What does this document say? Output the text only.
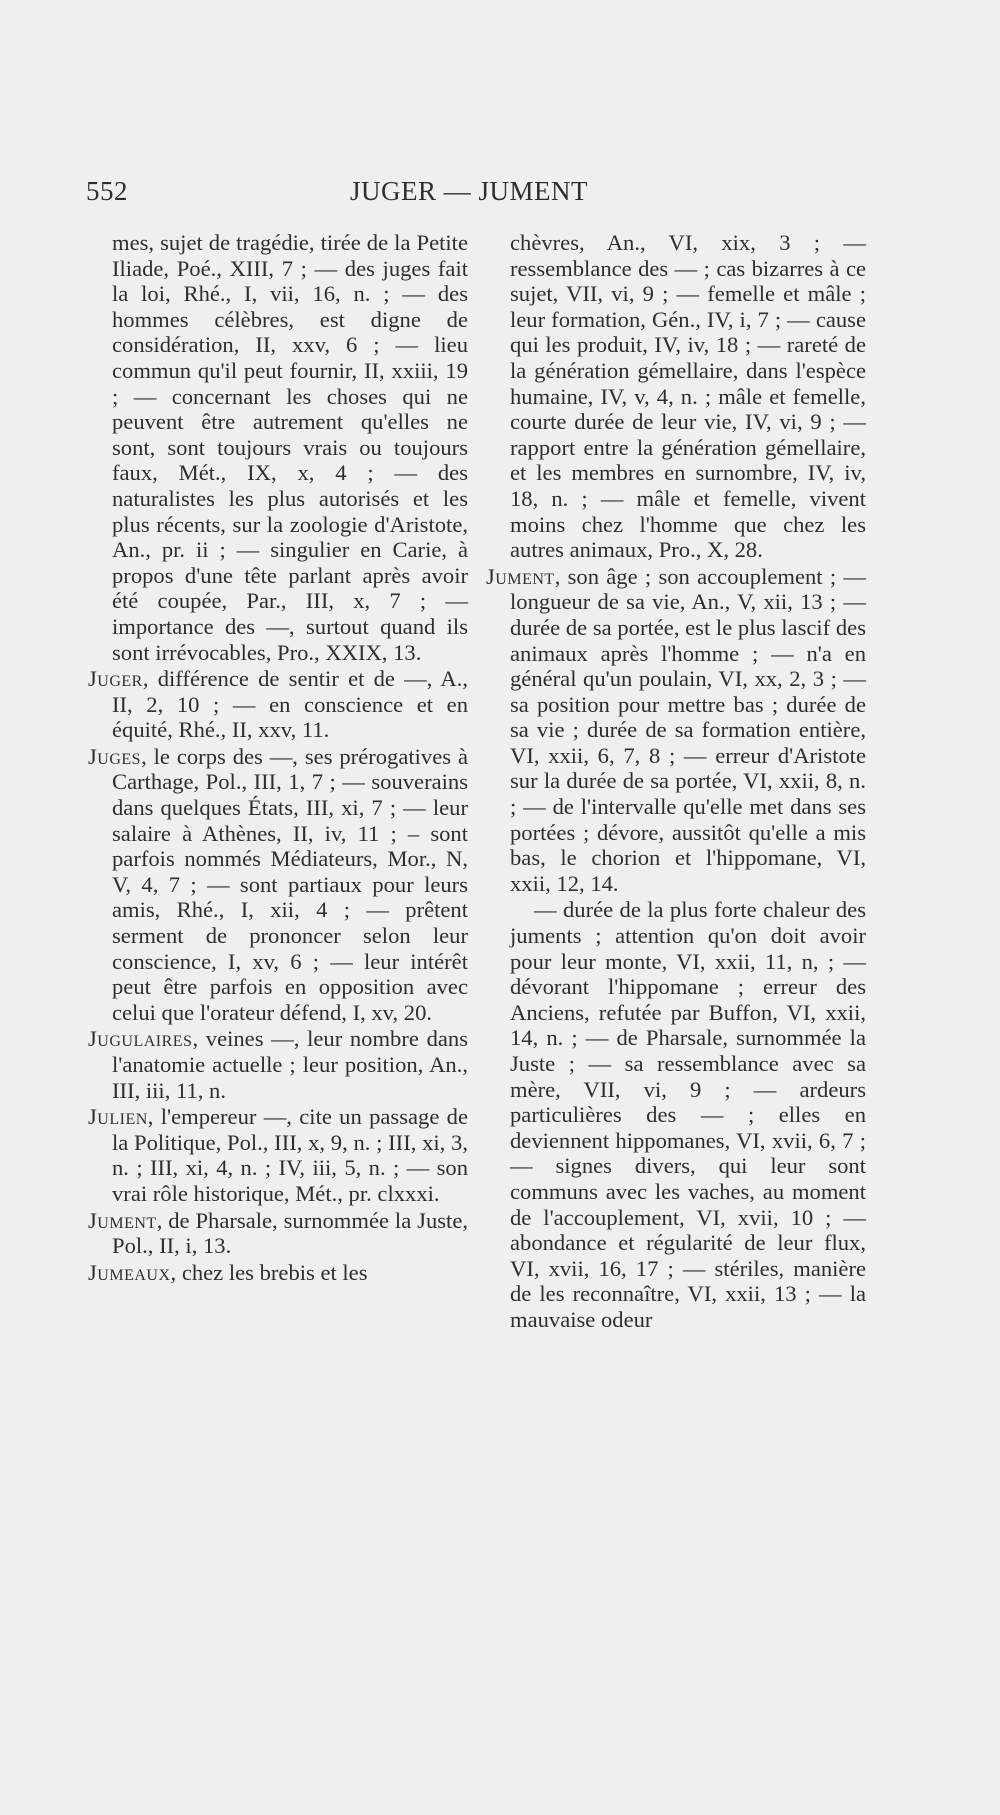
552	JUGER — JUMENT

mes, sujet de tragédie, tirée de la Petite Iliade, Poé., XIII, 7 ; — des juges fait la loi, Rhé., I, vii, 16, n. ; — des hommes célèbres, est digne de considération, II, xxv, 6 ; — lieu commun qu'il peut fournir, II, xxiii, 19 ; — concernant les choses qui ne peuvent être autrement qu'elles ne sont, sont toujours vrais ou toujours faux, Mét., IX, x, 4 ; — des naturalistes les plus autorisés et les plus récents, sur la zoologie d'Aristote, An., pr. ii ; — singulier en Carie, à propos d'une tête parlant après avoir été coupée, Par., III, x, 7 ; — importance des —, surtout quand ils sont irrévocables, Pro., XXIX, 13.

Juger, différence de sentir et de —, A., II, 2, 10 ; — en conscience et en équité, Rhé., II, xxv, 11.

Juges, le corps des —, ses prérogatives à Carthage, Pol., III, 1, 7 ; — souverains dans quelques États, III, xi, 7 ; — leur salaire à Athènes, II, iv, 11 ; – sont parfois nommés Médiateurs, Mor., N, V, 4, 7 ; — sont partiaux pour leurs amis, Rhé., I, xii, 4 ; — prêtent serment de prononcer selon leur conscience, I, xv, 6 ; — leur intérêt peut être parfois en opposition avec celui que l'orateur défend, I, xv, 20.

Jugulaires, veines —, leur nombre dans l'anatomie actuelle ; leur position, An., III, iii, 11, n.

Julien, l'empereur —, cite un passage de la Politique, Pol., III, x, 9, n. ; III, xi, 3, n. ; III, xi, 4, n. ; IV, iii, 5, n. ; — son vrai rôle historique, Mét., pr. clxxxi.

Jument, de Pharsale, surnommée la Juste, Pol., II, i, 13.

Jumeaux, chez les brebis et les

chèvres, An., VI, xix, 3 ; — ressemblance des — ; cas bizarres à ce sujet, VII, vi, 9 ; — femelle et mâle ; leur formation, Gén., IV, i, 7 ; — cause qui les produit, IV, iv, 18 ; — rareté de la génération gémellaire, dans l'espèce humaine, IV, v, 4, n. ; mâle et femelle, courte durée de leur vie, IV, vi, 9 ; — rapport entre la génération gémellaire, et les membres en surnombre, IV, iv, 18, n. ; — mâle et femelle, vivent moins chez l'homme que chez les autres animaux, Pro., X, 28.

Jument, son âge ; son accouplement ; — longueur de sa vie, An., V, xii, 13 ; — durée de sa portée, est le plus lascif des animaux après l'homme ; — n'a en général qu'un poulain, VI, xx, 2, 3 ; — sa position pour mettre bas ; durée de sa vie ; durée de sa formation entière, VI, xxii, 6, 7, 8 ; — erreur d'Aristote sur la durée de sa portée, VI, xxii, 8, n. ; — de l'intervalle qu'elle met dans ses portées ; dévore, aussitôt qu'elle a mis bas, le chorion et l'hippomane, VI, xxii, 12, 14.

— durée de la plus forte chaleur des juments ; attention qu'on doit avoir pour leur monte, VI, xxii, 11, n, ; — dévorant l'hippomane ; erreur des Anciens, refutée par Buffon, VI, xxii, 14, n. ; — de Pharsale, surnommée la Juste ; — sa ressemblance avec sa mère, VII, vi, 9 ; — ardeurs particulières des — ; elles en deviennent hippomanes, VI, xvii, 6, 7 ; — signes divers, qui leur sont communs avec les vaches, au moment de l'accouplement, VI, xvii, 10 ; — abondance et régularité de leur flux, VI, xvii, 16, 17 ; — stériles, manière de les reconnaître, VI, xxii, 13 ; — la mauvaise odeur
